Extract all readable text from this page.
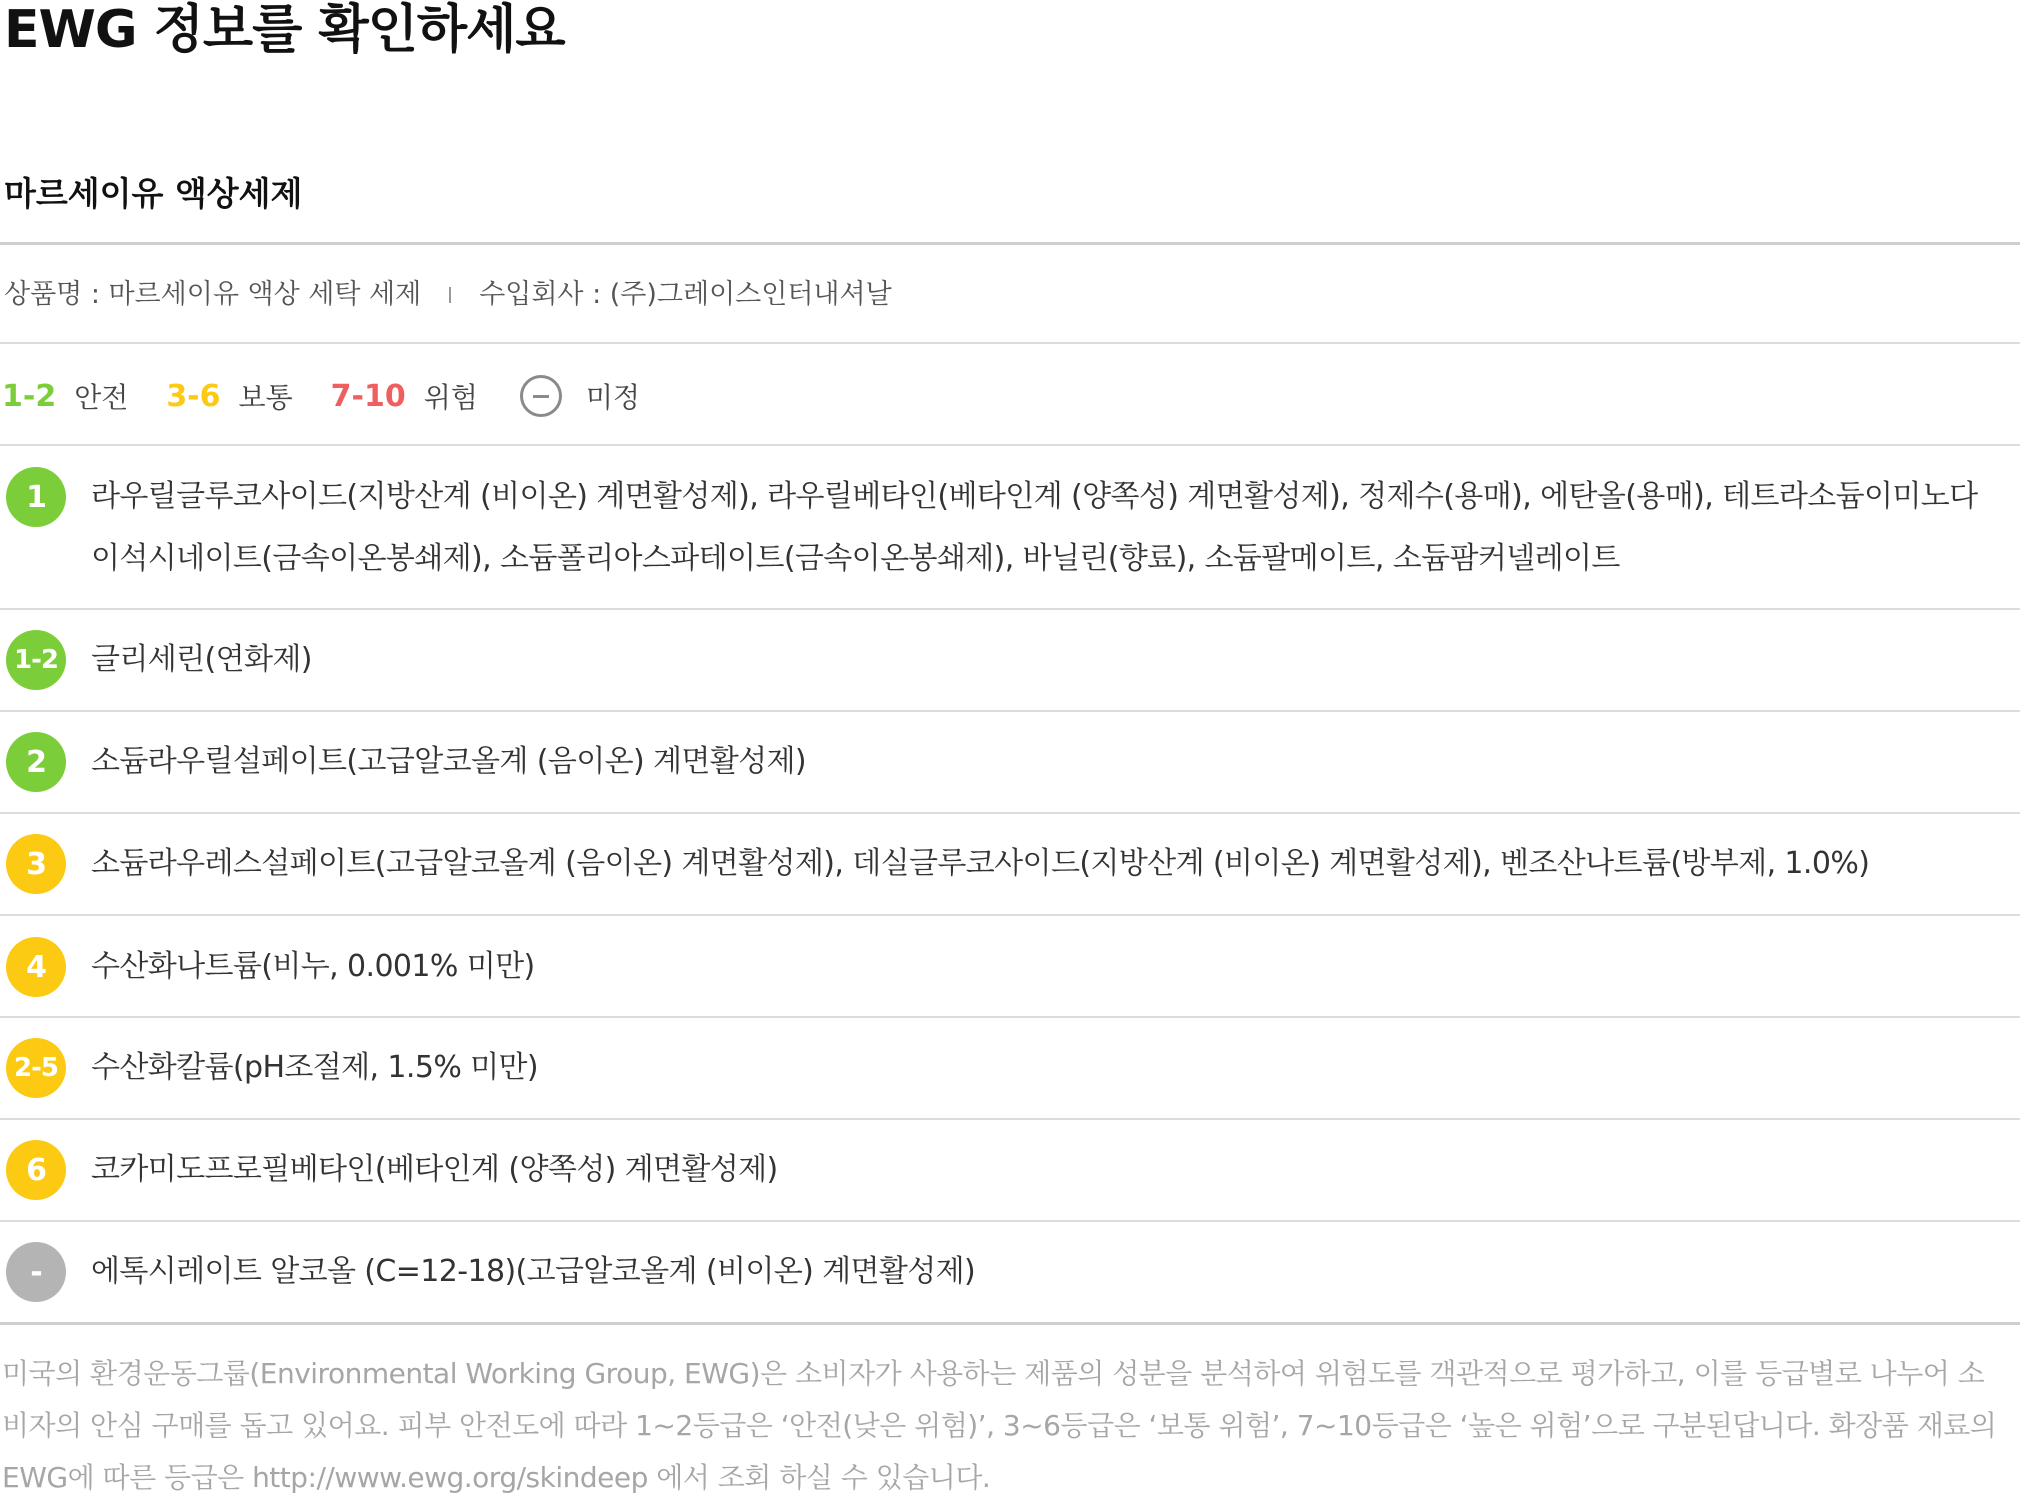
EWG 정보를 확인하세요
마르세이유 액상세제
상품명 : 마르세이유 액상 세탁 세제 수입회사 : (주)그레이스인터내셔날
1-2 안전 3-6 보통 7-10 위험	미정
1 라우릴글루코사이드(지방산계 (비이온) 계면활성제), 라우릴베타인(베타인계 (양쪽성) 계면활성제), 정제수(용매), 에탄올(용매), 테트라소듐이미노다이석시네이트(금속이온봉쇄제), 소듐폴리아스파테이트(금속이온봉쇄제), 바닐린(향료), 소듐팔메이트, 소듐팜커넬레이트
1-2 글리세린(연화제)
2 소듐라우릴설페이트(고급알코올계 (음이온) 계면활성제)
3 소듐라우레스설페이트(고급알코올계 (음이온) 계면활성제), 데실글루코사이드(지방산계 (비이온) 계면활성제), 벤조산나트륨(방부제, 1.0%)
4 수산화나트륨(비누, 0.001% 미만)
2-5 수산화칼륨(pH조절제, 1.5% 미만)
6 코카미도프로필베타인(베타인계 (양쪽성) 계면활성제)
- 에톡시레이트 알코올 (C=12-18)(고급알코올계 (비이온) 계면활성제)
미국의 환경운동그룹(Environmental Working Group, EWG)은 소비자가 사용하는 제품의 성분을 분석하여 위험도를 객관적으로 평가하고, 이를 등급별로 나누어 소비자의 안심 구매를 돕고 있어요. 피부 안전도에 따라 1~2등급은 ‘안전(낮은 위험)’, 3~6등급은 ‘보통 위험’, 7~10등급은 ‘높은 위험’으로 구분된답니다. 화장품 재료의 EWG에 따른 등급은 http://www.ewg.org/skindeep 에서 조회 하실 수 있습니다.
